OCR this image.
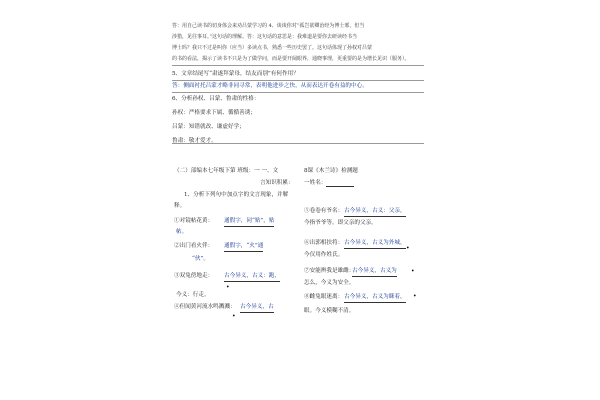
答：用自己读书的切身体会来劝吕蒙学习的 4、谈谈你对“孤岂欲卿治经为博士邪，但当
涉猎，见往事耳。”这句话的理解。答：这句话的意思是：我难道是要你去研读经书当
博士吗？我只不过是叫你（应当）多读点书，熟悉一些历史罢了。这句话体现了孙权对吕蒙
的书的看法，揭示了读书不只是为了做学问，而是要开阔眼界，通晓事理，更重要的是为增长见识（服务）。
5、文章结尾写“肃遂拜蒙母，结友而别”有何作用？
答：侧面衬托吕蒙才略非同寻常，表明他进步之快，从而表达开卷有益的中心。
6、分析孙权、吕蒙、鲁肃的性格：
孙权：严格要求下属、循循善诱；
吕蒙：知错就改、谦虚好学；
鲁肃：敬才爱才。
（二）部编本七年级下第 班级：一 一、文
言知识积累：
1、分析下列句中加点字的文言现象，并解
释。
①对镜帖花黄： 通假字，同“贴”，贴
帖。
②出门看火伴： 通假字，“火”通
“伙”。
③双兔傍地走： 古今异义，古义：跑，
•
今义：行走。
④但闻黄河流水鸣溅溅： 古今异义，古
•
8课《木兰诗》检测题
一姓名：
⑤卷卷有爷名： 古今异义，古义：父亲，
今指爷爷等。即父亲的父亲。
⑥出郭相扶将： 古今异义，古义为外城，
•
今仅用作姓氏。
⑦安能辨我是雄雌：
古今异义，古义为 •
怎么，今义为安全。
⑧雌兔眼迷离： 古今异义，古义为眯着， •
眼。今义模糊不清。
